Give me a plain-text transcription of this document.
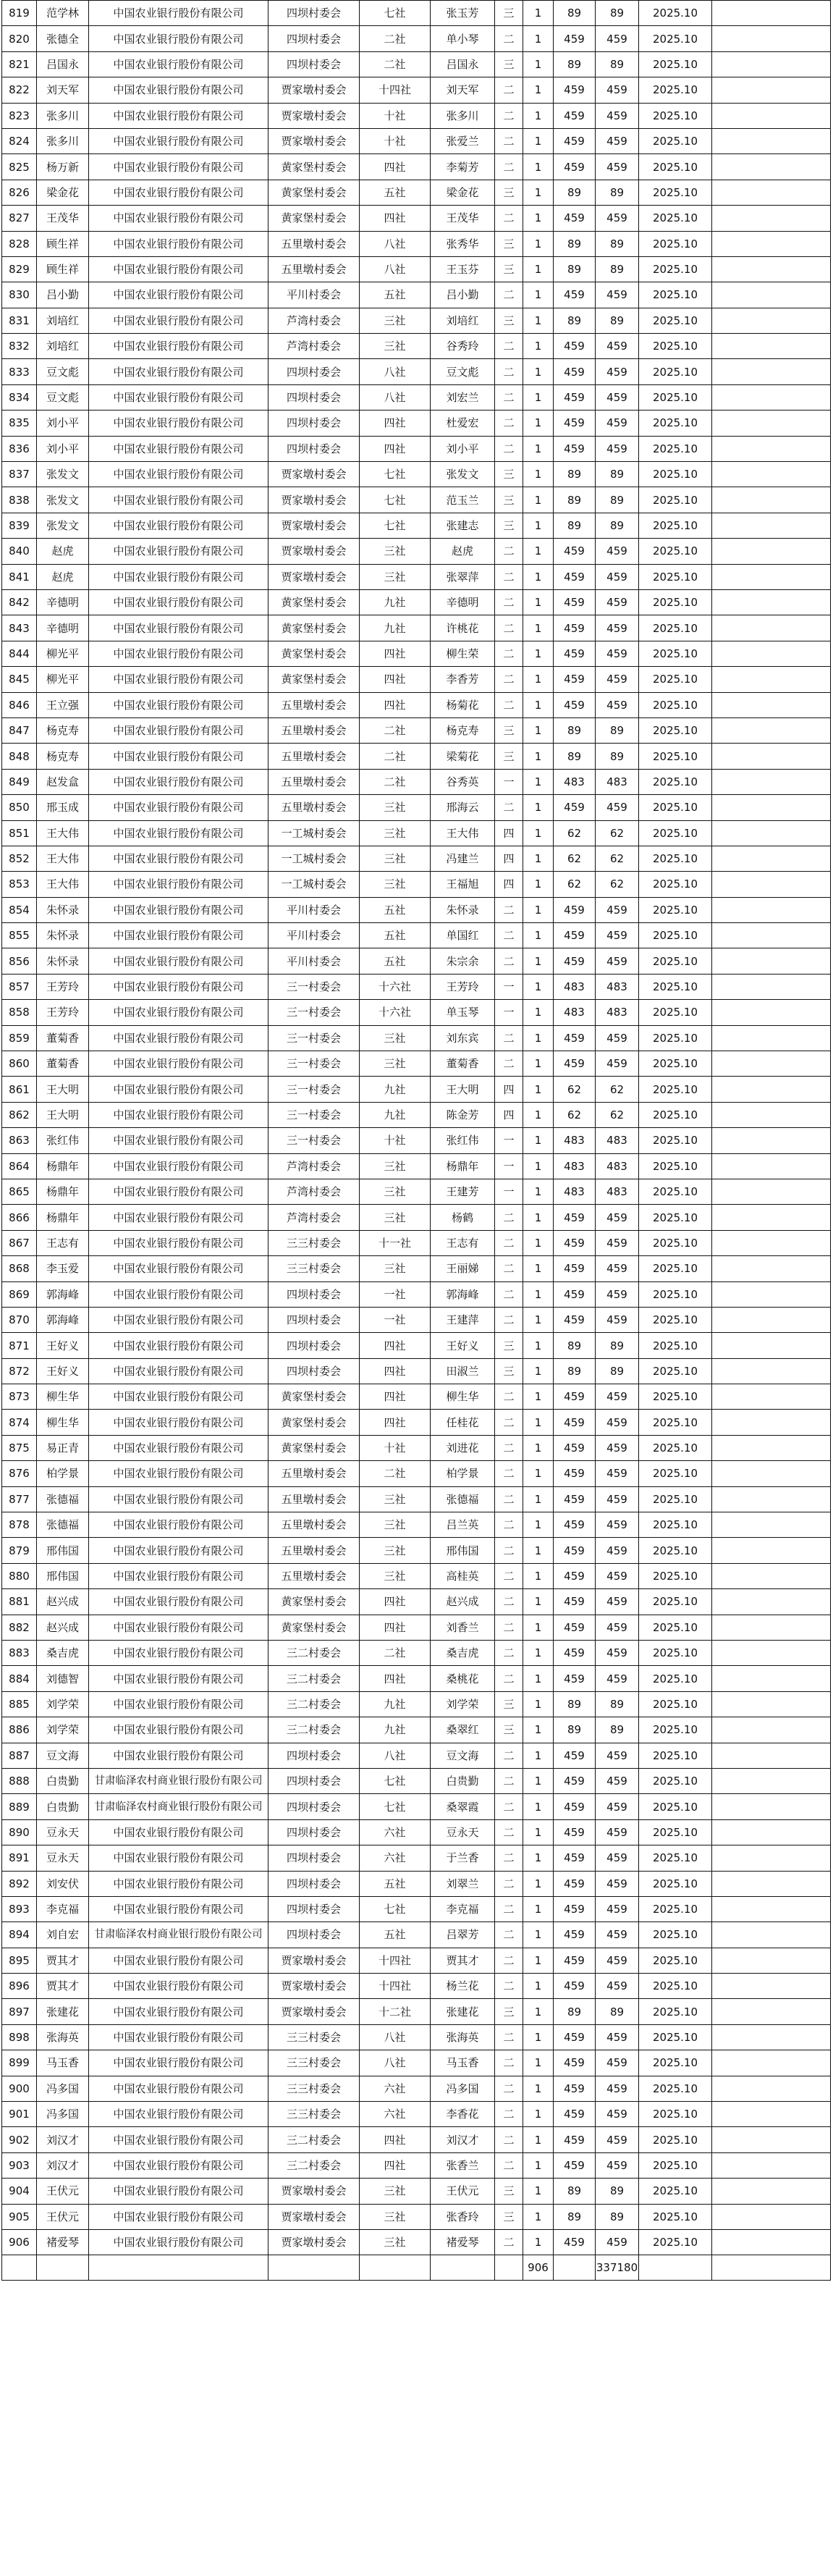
819	范学林	中国农业银行股份有限公司	四坝村委会	七社	张玉芳	三	1	89	89	2025.10	
820	张德全	中国农业银行股份有限公司	四坝村委会	二社	单小琴	二	1	459	459	2025.10	
821	吕国永	中国农业银行股份有限公司	四坝村委会	二社	吕国永	三	1	89	89	2025.10	
822	刘天军	中国农业银行股份有限公司	贾家墩村委会	十四社	刘天军	二	1	459	459	2025.10	
823	张多川	中国农业银行股份有限公司	贾家墩村委会	十社	张多川	二	1	459	459	2025.10	
824	张多川	中国农业银行股份有限公司	贾家墩村委会	十社	张爱兰	二	1	459	459	2025.10	
825	杨万新	中国农业银行股份有限公司	黄家堡村委会	四社	李菊芳	二	1	459	459	2025.10	
826	梁金花	中国农业银行股份有限公司	黄家堡村委会	五社	梁金花	三	1	89	89	2025.10	
827	王茂华	中国农业银行股份有限公司	黄家堡村委会	四社	王茂华	二	1	459	459	2025.10	
828	顾生祥	中国农业银行股份有限公司	五里墩村委会	八社	张秀华	三	1	89	89	2025.10	
829	顾生祥	中国农业银行股份有限公司	五里墩村委会	八社	王玉芬	三	1	89	89	2025.10	
830	吕小勤	中国农业银行股份有限公司	平川村委会	五社	吕小勤	二	1	459	459	2025.10	
831	刘培红	中国农业银行股份有限公司	芦湾村委会	三社	刘培红	三	1	89	89	2025.10	
832	刘培红	中国农业银行股份有限公司	芦湾村委会	三社	谷秀玲	二	1	459	459	2025.10	
833	豆文彪	中国农业银行股份有限公司	四坝村委会	八社	豆文彪	二	1	459	459	2025.10	
834	豆文彪	中国农业银行股份有限公司	四坝村委会	八社	刘宏兰	二	1	459	459	2025.10	
835	刘小平	中国农业银行股份有限公司	四坝村委会	四社	杜爱宏	二	1	459	459	2025.10	
836	刘小平	中国农业银行股份有限公司	四坝村委会	四社	刘小平	二	1	459	459	2025.10	
837	张发文	中国农业银行股份有限公司	贾家墩村委会	七社	张发文	三	1	89	89	2025.10	
838	张发文	中国农业银行股份有限公司	贾家墩村委会	七社	范玉兰	三	1	89	89	2025.10	
839	张发文	中国农业银行股份有限公司	贾家墩村委会	七社	张建志	三	1	89	89	2025.10	
840	赵虎	中国农业银行股份有限公司	贾家墩村委会	三社	赵虎	二	1	459	459	2025.10	
841	赵虎	中国农业银行股份有限公司	贾家墩村委会	三社	张翠萍	二	1	459	459	2025.10	
842	辛德明	中国农业银行股份有限公司	黄家堡村委会	九社	辛德明	二	1	459	459	2025.10	
843	辛德明	中国农业银行股份有限公司	黄家堡村委会	九社	许桃花	二	1	459	459	2025.10	
844	柳光平	中国农业银行股份有限公司	黄家堡村委会	四社	柳生荣	二	1	459	459	2025.10	
845	柳光平	中国农业银行股份有限公司	黄家堡村委会	四社	李香芳	二	1	459	459	2025.10	
846	王立强	中国农业银行股份有限公司	五里墩村委会	四社	杨菊花	二	1	459	459	2025.10	
847	杨克寿	中国农业银行股份有限公司	五里墩村委会	二社	杨克寿	三	1	89	89	2025.10	
848	杨克寿	中国农业银行股份有限公司	五里墩村委会	二社	梁菊花	三	1	89	89	2025.10	
849	赵发盒	中国农业银行股份有限公司	五里墩村委会	二社	谷秀英	一	1	483	483	2025.10	
850	邢玉成	中国农业银行股份有限公司	五里墩村委会	三社	邢海云	二	1	459	459	2025.10	
851	王大伟	中国农业银行股份有限公司	一工城村委会	三社	王大伟	四	1	62	62	2025.10	
852	王大伟	中国农业银行股份有限公司	一工城村委会	三社	冯建兰	四	1	62	62	2025.10	
853	王大伟	中国农业银行股份有限公司	一工城村委会	三社	王福旭	四	1	62	62	2025.10	
854	朱怀录	中国农业银行股份有限公司	平川村委会	五社	朱怀录	二	1	459	459	2025.10	
855	朱怀录	中国农业银行股份有限公司	平川村委会	五社	单国红	二	1	459	459	2025.10	
856	朱怀录	中国农业银行股份有限公司	平川村委会	五社	朱宗余	二	1	459	459	2025.10	
857	王芳玲	中国农业银行股份有限公司	三一村委会	十六社	王芳玲	一	1	483	483	2025.10	
858	王芳玲	中国农业银行股份有限公司	三一村委会	十六社	单玉琴	一	1	483	483	2025.10	
859	董菊香	中国农业银行股份有限公司	三一村委会	三社	刘东宾	二	1	459	459	2025.10	
860	董菊香	中国农业银行股份有限公司	三一村委会	三社	董菊香	二	1	459	459	2025.10	
861	王大明	中国农业银行股份有限公司	三一村委会	九社	王大明	四	1	62	62	2025.10	
862	王大明	中国农业银行股份有限公司	三一村委会	九社	陈金芳	四	1	62	62	2025.10	
863	张红伟	中国农业银行股份有限公司	三一村委会	十社	张红伟	一	1	483	483	2025.10	
864	杨鼎年	中国农业银行股份有限公司	芦湾村委会	三社	杨鼎年	一	1	483	483	2025.10	
865	杨鼎年	中国农业银行股份有限公司	芦湾村委会	三社	王建芳	一	1	483	483	2025.10	
866	杨鼎年	中国农业银行股份有限公司	芦湾村委会	三社	杨鹤	二	1	459	459	2025.10	
867	王志有	中国农业银行股份有限公司	三三村委会	十一社	王志有	二	1	459	459	2025.10	
868	李玉爱	中国农业银行股份有限公司	三三村委会	三社	王丽娣	二	1	459	459	2025.10	
869	郭海峰	中国农业银行股份有限公司	四坝村委会	一社	郭海峰	二	1	459	459	2025.10	
870	郭海峰	中国农业银行股份有限公司	四坝村委会	一社	王建萍	二	1	459	459	2025.10	
871	王好义	中国农业银行股份有限公司	四坝村委会	四社	王好义	三	1	89	89	2025.10	
872	王好义	中国农业银行股份有限公司	四坝村委会	四社	田淑兰	三	1	89	89	2025.10	
873	柳生华	中国农业银行股份有限公司	黄家堡村委会	四社	柳生华	二	1	459	459	2025.10	
874	柳生华	中国农业银行股份有限公司	黄家堡村委会	四社	任桂花	二	1	459	459	2025.10	
875	易正青	中国农业银行股份有限公司	黄家堡村委会	十社	刘进花	二	1	459	459	2025.10	
876	柏学景	中国农业银行股份有限公司	五里墩村委会	二社	柏学景	二	1	459	459	2025.10	
877	张德福	中国农业银行股份有限公司	五里墩村委会	三社	张德福	二	1	459	459	2025.10	
878	张德福	中国农业银行股份有限公司	五里墩村委会	三社	吕兰英	二	1	459	459	2025.10	
879	邢伟国	中国农业银行股份有限公司	五里墩村委会	三社	邢伟国	二	1	459	459	2025.10	
880	邢伟国	中国农业银行股份有限公司	五里墩村委会	三社	高桂英	二	1	459	459	2025.10	
881	赵兴成	中国农业银行股份有限公司	黄家堡村委会	四社	赵兴成	二	1	459	459	2025.10	
882	赵兴成	中国农业银行股份有限公司	黄家堡村委会	四社	刘香兰	二	1	459	459	2025.10	
883	桑吉虎	中国农业银行股份有限公司	三二村委会	二社	桑吉虎	二	1	459	459	2025.10	
884	刘德智	中国农业银行股份有限公司	三二村委会	四社	桑桃花	二	1	459	459	2025.10	
885	刘学荣	中国农业银行股份有限公司	三二村委会	九社	刘学荣	三	1	89	89	2025.10	
886	刘学荣	中国农业银行股份有限公司	三二村委会	九社	桑翠红	三	1	89	89	2025.10	
887	豆文海	中国农业银行股份有限公司	四坝村委会	八社	豆文海	二	1	459	459	2025.10	
888	白贵勤	甘肃临泽农村商业银行股份有限公司	四坝村委会	七社	白贵勤	二	1	459	459	2025.10	
889	白贵勤	甘肃临泽农村商业银行股份有限公司	四坝村委会	七社	桑翠霞	二	1	459	459	2025.10	
890	豆永天	中国农业银行股份有限公司	四坝村委会	六社	豆永天	二	1	459	459	2025.10	
891	豆永天	中国农业银行股份有限公司	四坝村委会	六社	于兰香	二	1	459	459	2025.10	
892	刘安伏	中国农业银行股份有限公司	四坝村委会	五社	刘翠兰	二	1	459	459	2025.10	
893	李克福	中国农业银行股份有限公司	四坝村委会	七社	李克福	二	1	459	459	2025.10	
894	刘自宏	甘肃临泽农村商业银行股份有限公司	四坝村委会	五社	吕翠芳	二	1	459	459	2025.10	
895	贾其才	中国农业银行股份有限公司	贾家墩村委会	十四社	贾其才	二	1	459	459	2025.10	
896	贾其才	中国农业银行股份有限公司	贾家墩村委会	十四社	杨兰花	二	1	459	459	2025.10	
897	张建花	中国农业银行股份有限公司	贾家墩村委会	十二社	张建花	三	1	89	89	2025.10	
898	张海英	中国农业银行股份有限公司	三三村委会	八社	张海英	二	1	459	459	2025.10	
899	马玉香	中国农业银行股份有限公司	三三村委会	八社	马玉香	二	1	459	459	2025.10	
900	冯多国	中国农业银行股份有限公司	三三村委会	六社	冯多国	二	1	459	459	2025.10	
901	冯多国	中国农业银行股份有限公司	三三村委会	六社	李香花	二	1	459	459	2025.10	
902	刘汉才	中国农业银行股份有限公司	三二村委会	四社	刘汉才	二	1	459	459	2025.10	
903	刘汉才	中国农业银行股份有限公司	三二村委会	四社	张香兰	二	1	459	459	2025.10	
904	王伏元	中国农业银行股份有限公司	贾家墩村委会	三社	王伏元	三	1	89	89	2025.10	
905	王伏元	中国农业银行股份有限公司	贾家墩村委会	三社	张香玲	三	1	89	89	2025.10	
906	褚爱琴	中国农业银行股份有限公司	贾家墩村委会	三社	褚爱琴	二	1	459	459	2025.10	
							906		337180		
